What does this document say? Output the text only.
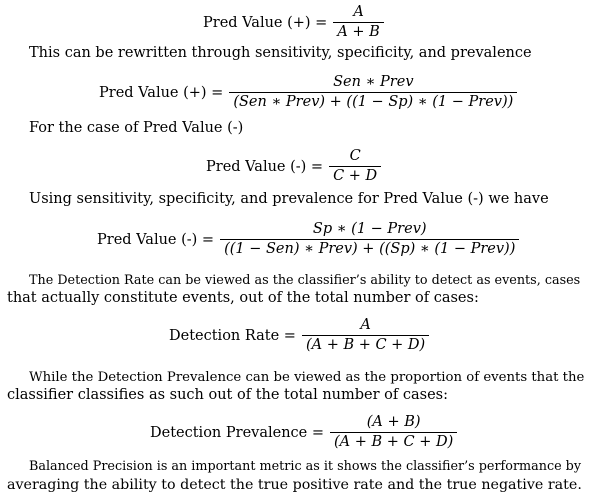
Pred Value (+) = $\frac{A}{A + B}$
This can be rewritten through sensitivity, specificity, and prevalence
Pred Value (+) = $\frac{\text{Sen ∗ Prev}}{\text{(Sen ∗ Prev) + ((1 − Sp) ∗ (1 − Prev))}}$
For the case of Pred Value (-)
Pred Value (-) = $\frac{C}{C + D}$
Using sensitivity, specificity, and prevalence for Pred Value (-) we have
Pred Value (-) = $\frac{\text{Sp ∗ (1 − Prev)}}{\text{((1 − Sen) ∗ Prev) + ((Sp) ∗ (1 − Prev))}}$
The Detection Rate can be viewed as the classifier’s ability to detect as events, cases
that actually constitute events, out of the total number of cases:
Detection Rate = $\frac{A}{(A + B + C + D)}$
While the Detection Prevalence can be viewed as the proportion of events that the
classifier classifies as such out of the total number of cases:
Detection Prevalence = $\frac{(A + B)}{(A + B + C + D)}$
Balanced Precision is an important metric as it shows the classifier’s performance by
averaging the ability to detect the true positive rate and the true negative rate.
